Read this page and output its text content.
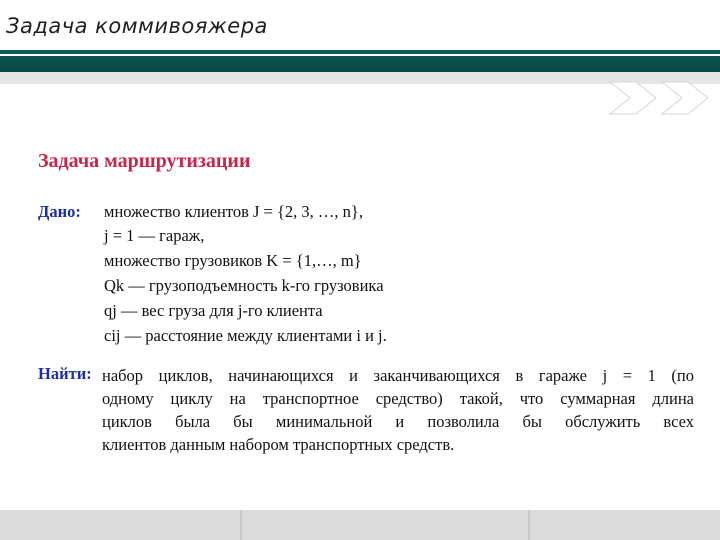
Задача коммивояжера
Задача маршрутизации
Дано: множество клиентов J = {2, 3, …, n},
j = 1 — гараж,
множество грузовиков K = {1,…, m}
Qk — грузоподъемность k-го грузовика
qj — вес груза для j-го клиента
cij — расстояние между клиентами i и j.
Найти: набор циклов, начинающихся и заканчивающихся в гараже j = 1 (по
одному циклу на транспортное средство) такой, что суммарная длина
циклов была бы минимальной и позволила бы обслужить всех
клиентов данным набором транспортных средств.
